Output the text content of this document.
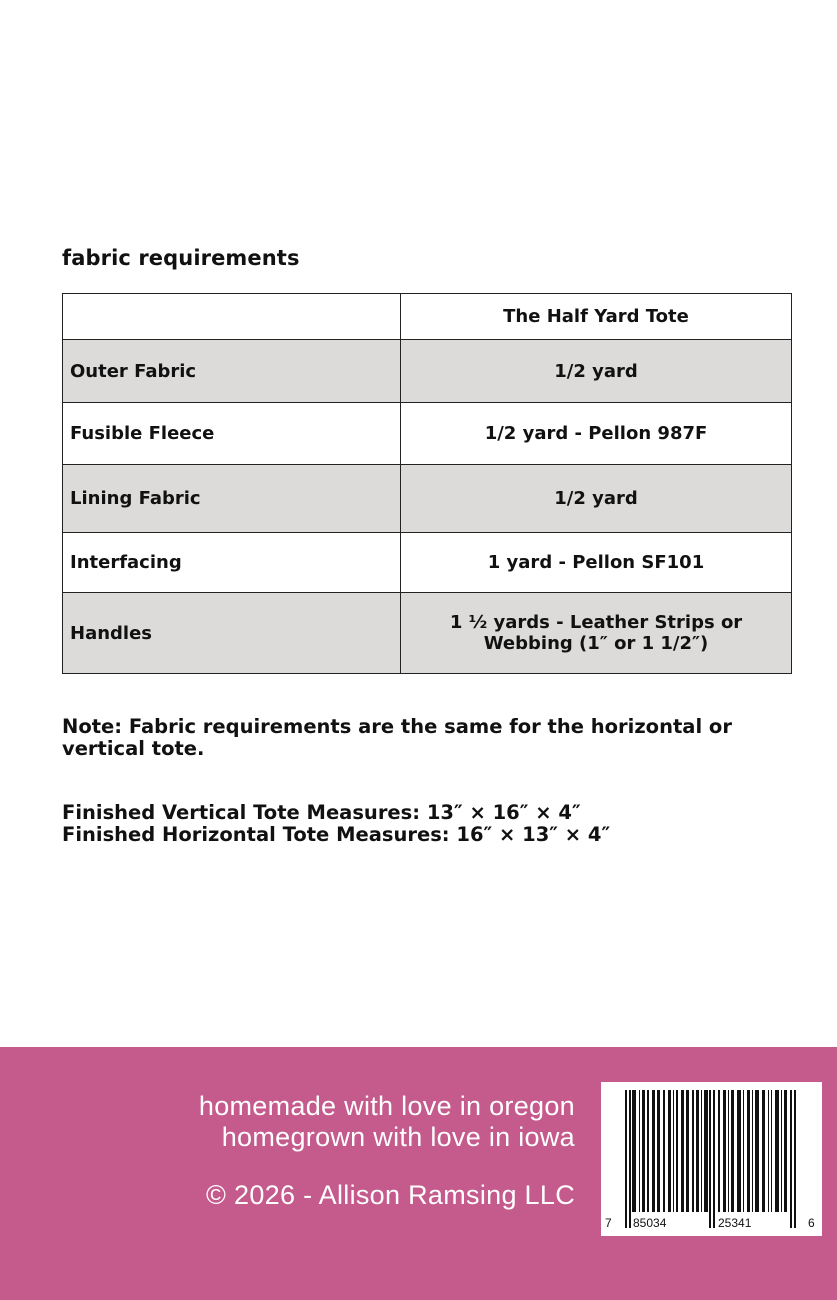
fabric requirements
	The Half Yard Tote
Outer Fabric	1/2 yard
Fusible Fleece	1/2 yard - Pellon 987F
Lining Fabric	1/2 yard
Interfacing	1 yard - Pellon SF101
Handles	1 ½ yards - Leather Strips or
Webbing (1″ or 1 1/2″)
Note: Fabric requirements are the same for the horizontal or
vertical tote.
Finished Vertical Tote Measures: 13″ × 16″ × 4″
Finished Horizontal Tote Measures: 16″ × 13″ × 4″
homemade with love in oregon
homegrown with love in iowa
© 2026 - Allison Ramsing LLC
7 85034	25341	6
